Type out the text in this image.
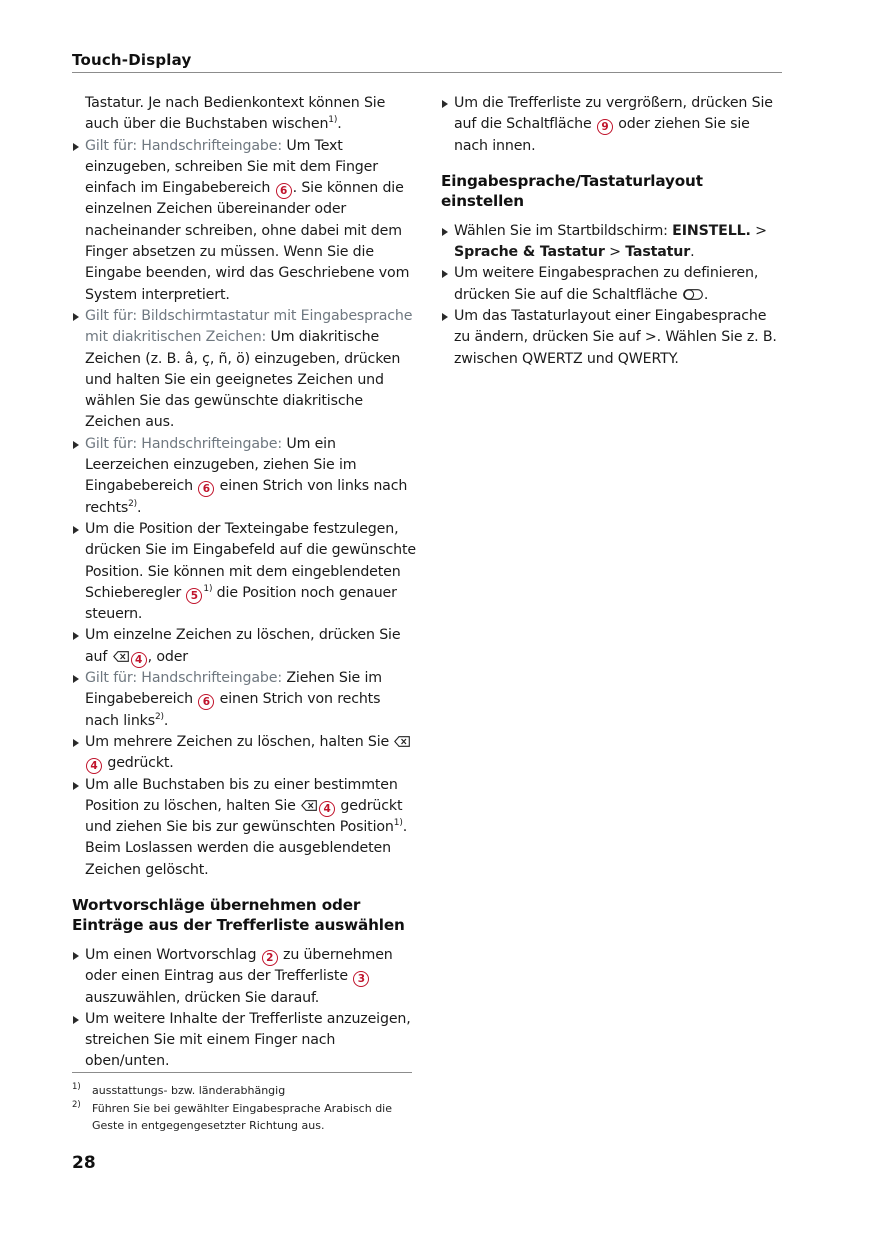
Touch-Display

Tastatur. Je nach Bedienkontext können Sie auch über die Buchstaben wischen$^{1)}$.

Gilt für: Handschrifteingabe: Um Text einzugeben, schreiben Sie mit dem Finger einfach im Eingabebereich 6 . Sie können die einzelnen Zeichen übereinander oder nacheinander schreiben, ohne dabei mit dem Finger absetzen zu müssen. Wenn Sie die Eingabe beenden, wird das Geschriebene vom System interpretiert.

Gilt für: Bildschirmtastatur mit Eingabesprache mit diakritischen Zeichen: Um diakritische Zeichen (z. B. â, ç, ñ, ö) einzugeben, drücken und halten Sie ein geeignetes Zeichen und wählen Sie das gewünschte diakritische Zeichen aus.

Gilt für: Handschrifteingabe: Um ein Leerzeichen einzugeben, ziehen Sie im Eingabebereich 6 einen Strich von links nach rechts$^{2)}$.

Um die Position der Texteingabe festzulegen, drücken Sie im Eingabefeld auf die gewünschte Position. Sie können mit dem eingeblendeten Schieberegler 5$^{1)}$ die Position noch genauer steuern.

Um einzelne Zeichen zu löschen, drücken Sie auf 4 , oder

Gilt für: Handschrifteingabe: Ziehen Sie im Eingabebereich 6 einen Strich von rechts nach links$^{2)}$.

Um mehrere Zeichen zu löschen, halten Sie  4 gedrückt.

Um alle Buchstaben bis zu einer bestimmten Position zu löschen, halten Sie 4 gedrückt und ziehen Sie bis zur gewünschten Position$^{1)}$. Beim Loslassen werden die ausgeblendeten Zeichen gelöscht.

Wortvorschläge übernehmen oder Einträge aus der Trefferliste auswählen

Um einen Wortvorschlag 2 zu übernehmen oder einen Eintrag aus der Trefferliste 3 auszuwählen, drücken Sie darauf.

Um weitere Inhalte der Trefferliste anzuzeigen, streichen Sie mit einem Finger nach oben/unten.

Um die Trefferliste zu vergrößern, drücken Sie auf die Schaltfläche 9 oder ziehen Sie sie nach innen.

Eingabesprache/Tastaturlayout einstellen

Wählen Sie im Startbildschirm: EINSTELL. > Sprache & Tastatur > Tastatur.

Um weitere Eingabesprachen zu definieren, drücken Sie auf die Schaltfläche .

Um das Tastaturlayout einer Eingabesprache zu ändern, drücken Sie auf >. Wählen Sie z. B. zwischen QWERTZ und QWERTY.

1) ausstattungs- bzw. länderabhängig

2) Führen Sie bei gewählter Eingabesprache Arabisch die Geste in entgegengesetzter Richtung aus.

28
